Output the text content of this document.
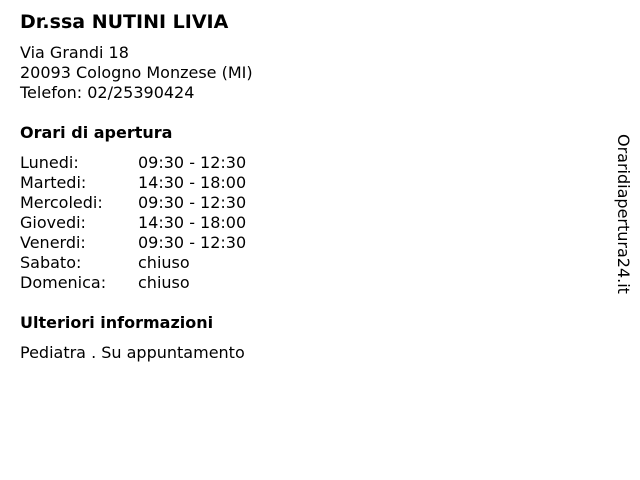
Dr.ssa NUTINI LIVIA
Via Grandi 18
20093 Cologno Monzese (MI)
Telefon: 02/25390424
Orari di apertura
Lunedi:	09:30 - 12:30
Martedi:	14:30 - 18:00
Mercoledi: 09:30 - 12:30
Giovedi:	14:30 - 18:00
Venerdi:	09:30 - 12:30
Sabato:	chiuso
Domenica: chiuso
Ulteriori informazioni
Pediatra . Su appuntamento
Oraridiapertura24.it
